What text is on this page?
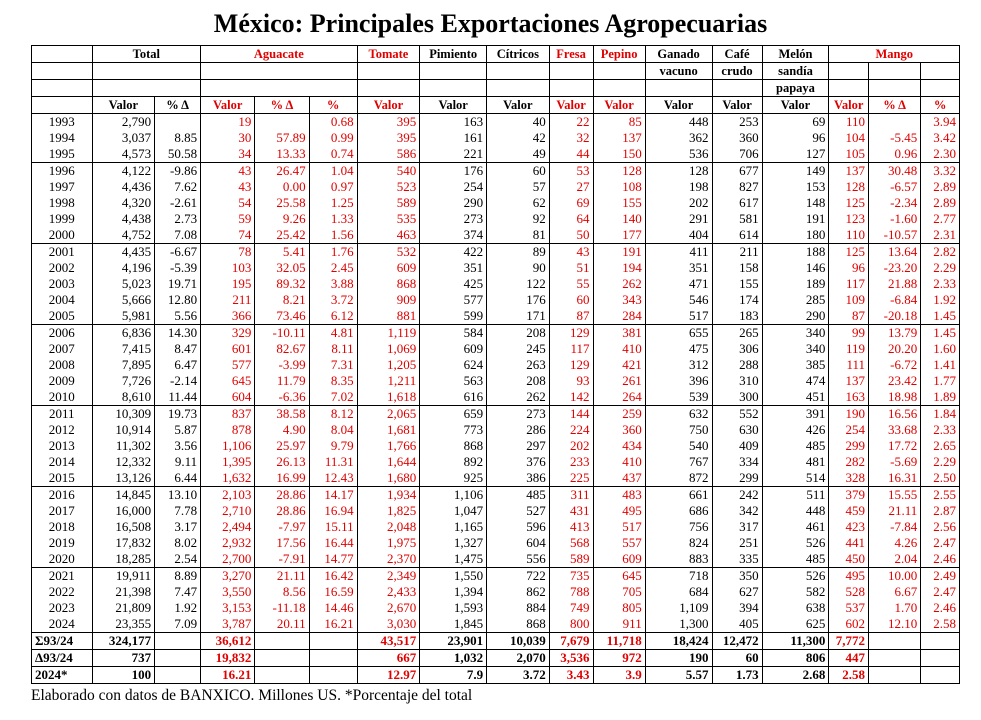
México: Principales Exportaciones Agropecuarias
	Total		Aguacate			Tomate	Pimiento	Cítricos	Fresa	Pepino	Ganado	Café	Melón	Mango		
											vacuno	crudo	sandía			
													papaya			
	Valor	% Δ	Valor	% Δ	%	Valor	Valor	Valor	Valor	Valor	Valor	Valor	Valor	Valor	% Δ	%
1993	2,790		19		0.68	395	163	40	22	85	448	253	69	110		3.94
1994	3,037	8.85	30	57.89	0.99	395	161	42	32	137	362	360	96	104	-5.45	3.42
1995	4,573	50.58	34	13.33	0.74	586	221	49	44	150	536	706	127	105	0.96	2.30
1996	4,122	-9.86	43	26.47	1.04	540	176	60	53	128	128	677	149	137	30.48	3.32
1997	4,436	7.62	43	0.00	0.97	523	254	57	27	108	198	827	153	128	-6.57	2.89
1998	4,320	-2.61	54	25.58	1.25	589	290	62	69	155	202	617	148	125	-2.34	2.89
1999	4,438	2.73	59	9.26	1.33	535	273	92	64	140	291	581	191	123	-1.60	2.77
2000	4,752	7.08	74	25.42	1.56	463	374	81	50	177	404	614	180	110	-10.57	2.31
2001	4,435	-6.67	78	5.41	1.76	532	422	89	43	191	411	211	188	125	13.64	2.82
2002	4,196	-5.39	103	32.05	2.45	609	351	90	51	194	351	158	146	96	-23.20	2.29
2003	5,023	19.71	195	89.32	3.88	868	425	122	55	262	471	155	189	117	21.88	2.33
2004	5,666	12.80	211	8.21	3.72	909	577	176	60	343	546	174	285	109	-6.84	1.92
2005	5,981	5.56	366	73.46	6.12	881	599	171	87	284	517	183	290	87	-20.18	1.45
2006	6,836	14.30	329	-10.11	4.81	1,119	584	208	129	381	655	265	340	99	13.79	1.45
2007	7,415	8.47	601	82.67	8.11	1,069	609	245	117	410	475	306	340	119	20.20	1.60
2008	7,895	6.47	577	-3.99	7.31	1,205	624	263	129	421	312	288	385	111	-6.72	1.41
2009	7,726	-2.14	645	11.79	8.35	1,211	563	208	93	261	396	310	474	137	23.42	1.77
2010	8,610	11.44	604	-6.36	7.02	1,618	616	262	142	264	539	300	451	163	18.98	1.89
2011	10,309	19.73	837	38.58	8.12	2,065	659	273	144	259	632	552	391	190	16.56	1.84
2012	10,914	5.87	878	4.90	8.04	1,681	773	286	224	360	750	630	426	254	33.68	2.33
2013	11,302	3.56	1,106	25.97	9.79	1,766	868	297	202	434	540	409	485	299	17.72	2.65
2014	12,332	9.11	1,395	26.13	11.31	1,644	892	376	233	410	767	334	481	282	-5.69	2.29
2015	13,126	6.44	1,632	16.99	12.43	1,680	925	386	225	437	872	299	514	328	16.31	2.50
2016	14,845	13.10	2,103	28.86	14.17	1,934	1,106	485	311	483	661	242	511	379	15.55	2.55
2017	16,000	7.78	2,710	28.86	16.94	1,825	1,047	527	431	495	686	342	448	459	21.11	2.87
2018	16,508	3.17	2,494	-7.97	15.11	2,048	1,165	596	413	517	756	317	461	423	-7.84	2.56
2019	17,832	8.02	2,932	17.56	16.44	1,975	1,327	604	568	557	824	251	526	441	4.26	2.47
2020	18,285	2.54	2,700	-7.91	14.77	2,370	1,475	556	589	609	883	335	485	450	2.04	2.46
2021	19,911	8.89	3,270	21.11	16.42	2,349	1,550	722	735	645	718	350	526	495	10.00	2.49
2022	21,398	7.47	3,550	8.56	16.59	2,433	1,394	862	788	705	684	627	582	528	6.67	2.47
2023	21,809	1.92	3,153	-11.18	14.46	2,670	1,593	884	749	805	1,109	394	638	537	1.70	2.46
2024	23,355	7.09	3,787	20.11	16.21	3,030	1,845	868	800	911	1,300	405	625	602	12.10	2.58
Σ93/24	324,177		36,612			43,517	23,901	10,039	7,679	11,718	18,424	12,472	11,300	7,772		
Δ93/24	737		19,832			667	1,032	2,070	3,536	972	190	60	806	447		
2024*	100		16.21			12.97	7.9	3.72	3.43	3.9	5.57	1.73	2.68	2.58		
Elaborado con datos de BANXICO. Millones US. *Porcentaje del total
